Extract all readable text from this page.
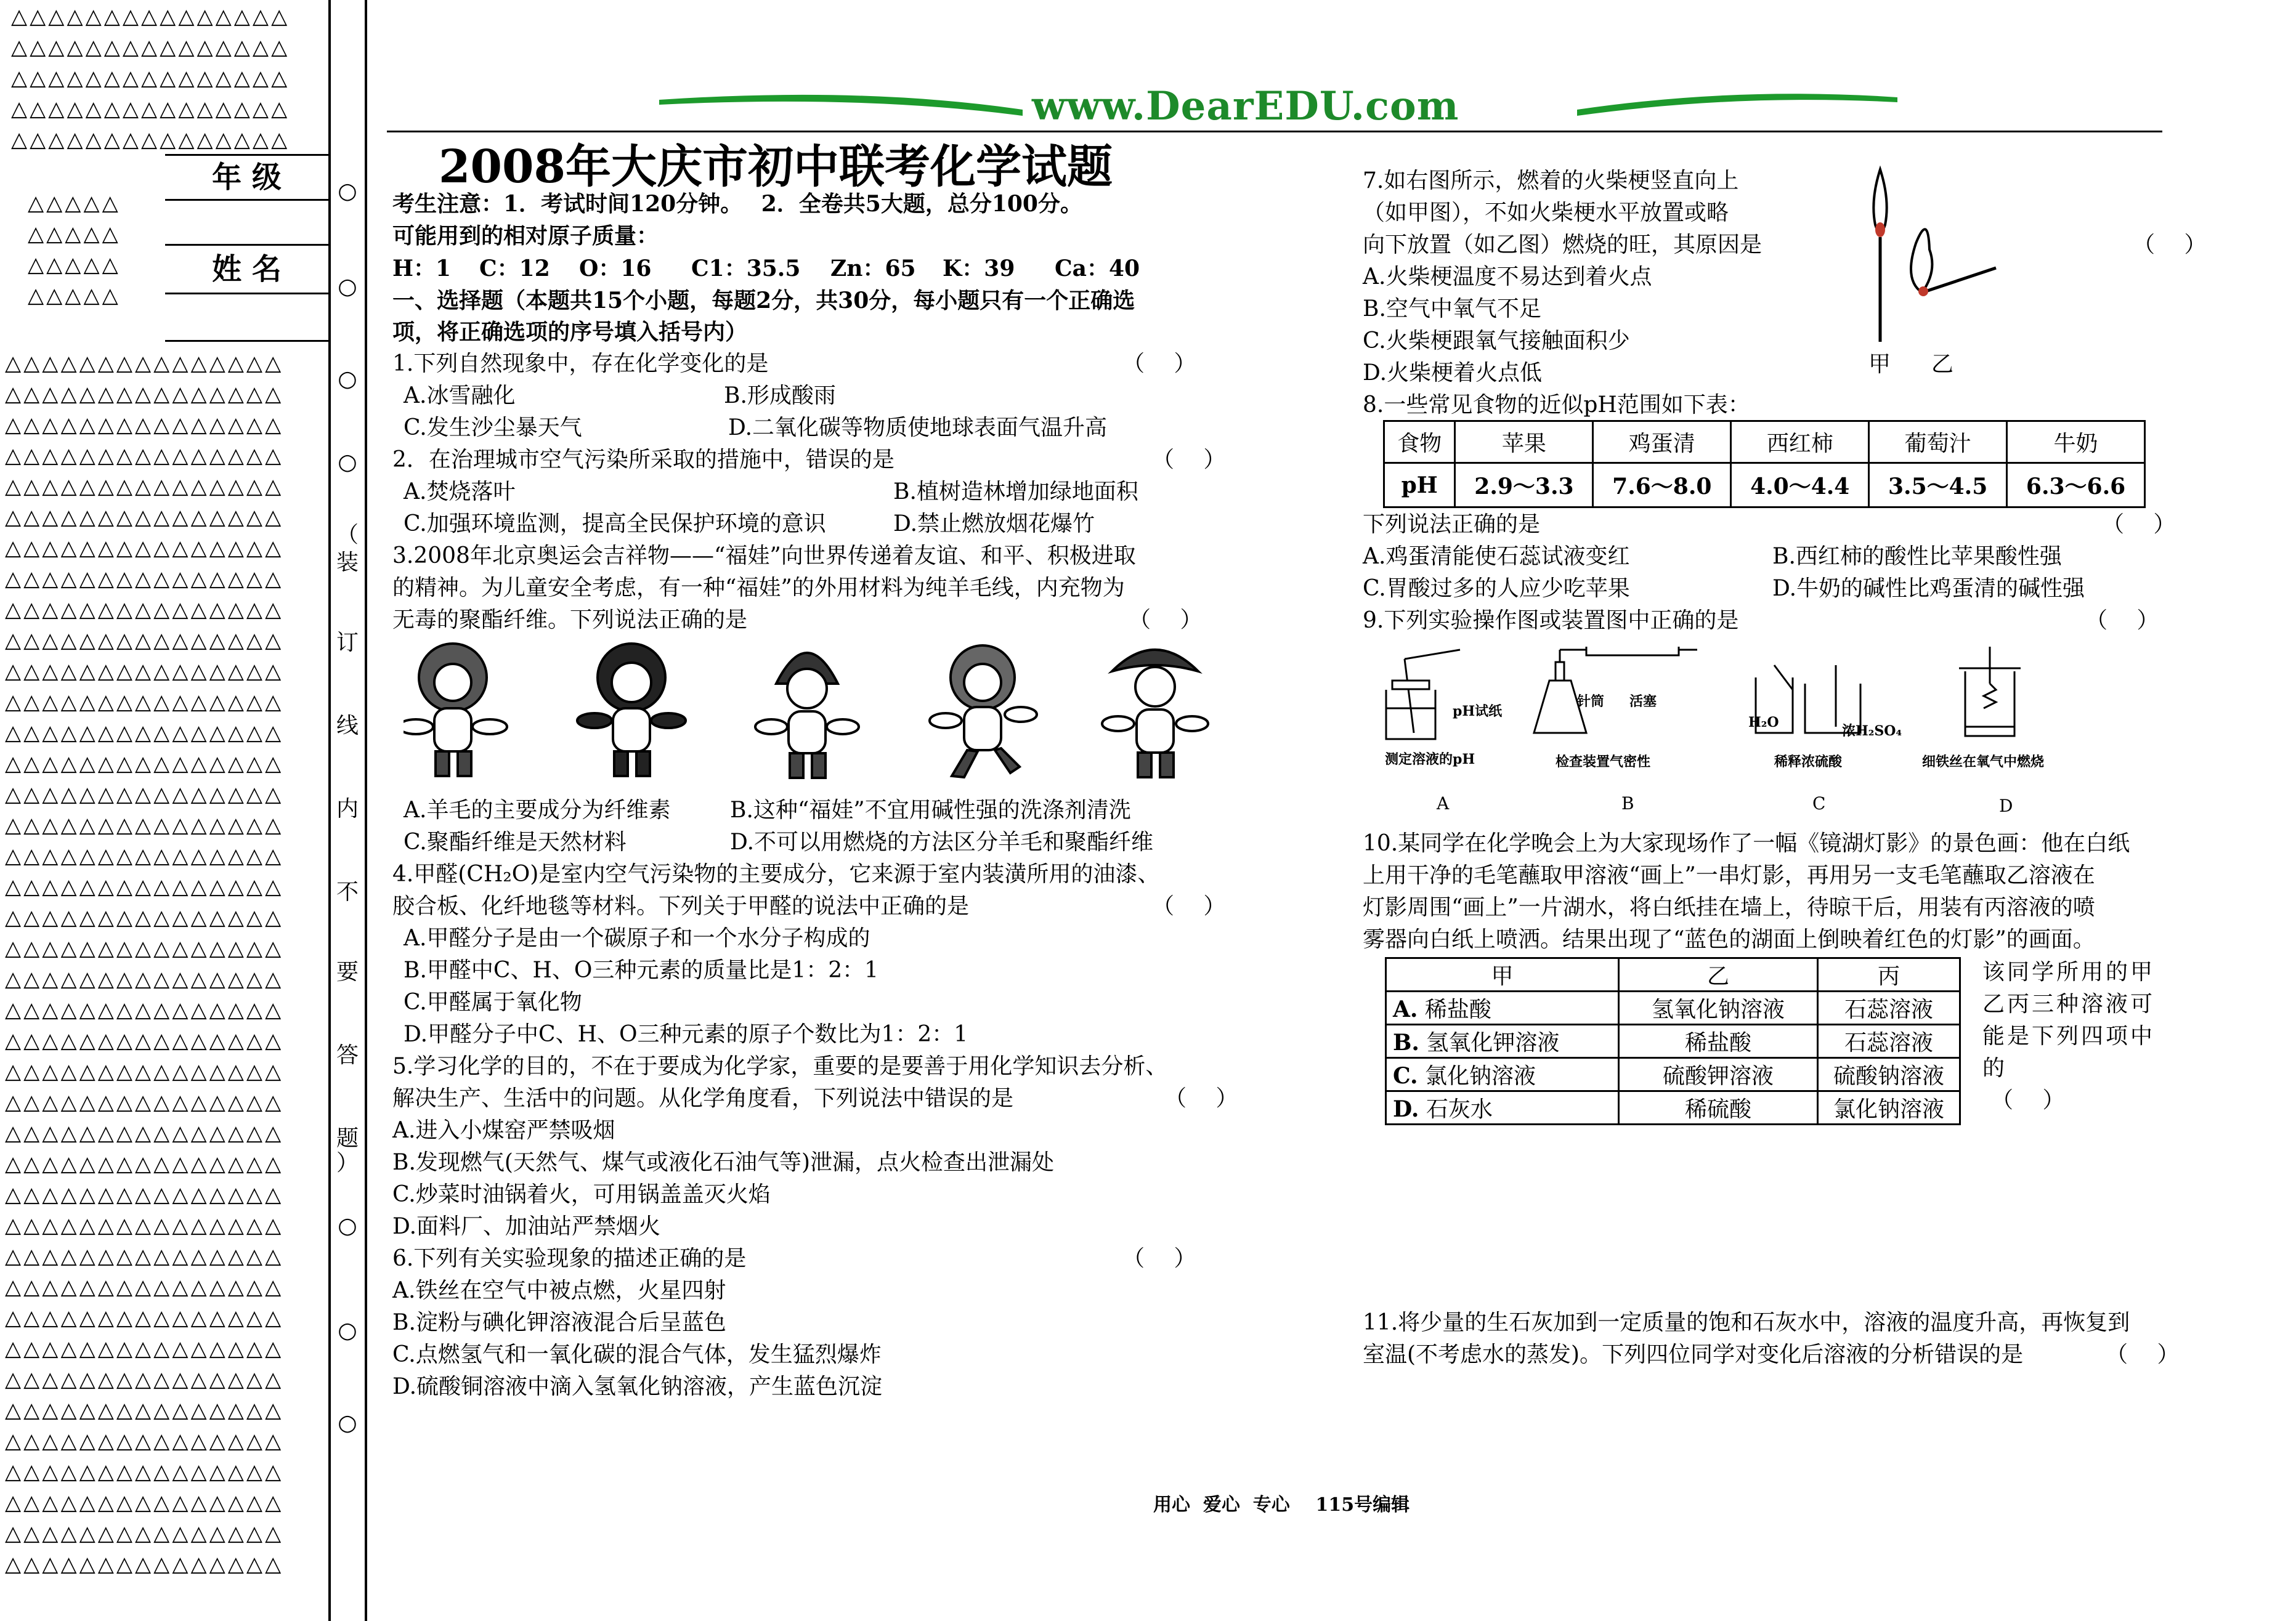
△△△△△△△△△△△△△△△
△△△△△△△△△△△△△△△
△△△△△△△△△△△△△△△
△△△△△△△△△△△△△△△
△△△△△△△△△△△△△△△
△△△△△
△△△△△
△△△△△
△△△△△
年 级
姓 名
△△△△△△△△△△△△△△△
△△△△△△△△△△△△△△△
△△△△△△△△△△△△△△△
△△△△△△△△△△△△△△△
△△△△△△△△△△△△△△△
△△△△△△△△△△△△△△△
△△△△△△△△△△△△△△△
△△△△△△△△△△△△△△△
△△△△△△△△△△△△△△△
△△△△△△△△△△△△△△△
△△△△△△△△△△△△△△△
△△△△△△△△△△△△△△△
△△△△△△△△△△△△△△△
△△△△△△△△△△△△△△△
△△△△△△△△△△△△△△△
△△△△△△△△△△△△△△△
△△△△△△△△△△△△△△△
△△△△△△△△△△△△△△△
△△△△△△△△△△△△△△△
△△△△△△△△△△△△△△△
△△△△△△△△△△△△△△△
△△△△△△△△△△△△△△△
△△△△△△△△△△△△△△△
△△△△△△△△△△△△△△△
△△△△△△△△△△△△△△△
△△△△△△△△△△△△△△△
△△△△△△△△△△△△△△△
△△△△△△△△△△△△△△△
△△△△△△△△△△△△△△△
△△△△△△△△△△△△△△△
△△△△△△△△△△△△△△△
△△△△△△△△△△△△△△△
△△△△△△△△△△△△△△△
△△△△△△△△△△△△△△△
△△△△△△△△△△△△△△△
△△△△△△△△△△△△△△△
△△△△△△△△△△△△△△△
△△△△△△△△△△△△△△△
△△△△△△△△△△△△△△△
△△△△△△△△△△△△△△△
○
○
○
○
（
装
订
线
内
不
要
答
题
）
○
○
○
www.DearEDU.com
2008年大庆市初中联考化学试题
考生注意：1．考试时间120分钟。　 2．全卷共5大题，总分100分。
可能用到的相对原子质量：
H：1 C：12 O：16 C1：35.5 Zn：65 K：39 Ca：40
一、选择题（本题共15个小题，每题2分，共30分，每小题只有一个正确选
项，将正确选项的序号填入括号内）
1.下列自然现象中，存在化学变化的是	（　 ）
A.冰雪融化	B.形成酸雨
C.发生沙尘暴天气	D.二氧化碳等物质使地球表面气温升高
2．在治理城市空气污染所采取的措施中，错误的是	（　 ）
A.焚烧落叶	B.植树造林增加绿地面积
C.加强环境监测，提高全民保护环境的意识	D.禁止燃放烟花爆竹
3.2008年北京奥运会吉祥物——“福娃”向世界传递着友谊、和平、积极进取
的精神。为儿童安全考虑，有一种“福娃”的外用材料为纯羊毛线，内充物为
无毒的聚酯纤维。下列说法正确的是	（　 ）
A.羊毛的主要成分为纤维素	B.这种“福娃”不宜用碱性强的洗涤剂清洗
C.聚酯纤维是天然材料	D.不可以用燃烧的方法区分羊毛和聚酯纤维
4.甲醛(CH₂O)是室内空气污染物的主要成分，它来源于室内装潢所用的油漆、
胶合板、化纤地毯等材料。下列关于甲醛的说法中正确的是	（　 ）
A.甲醛分子是由一个碳原子和一个水分子构成的
B.甲醛中C、H、O三种元素的质量比是1：2：1
C.甲醛属于氧化物
D.甲醛分子中C、H、O三种元素的原子个数比为1：2：1
5.学习化学的目的，不在于要成为化学家，重要的是要善于用化学知识去分析、
解决生产、生活中的问题。从化学角度看，下列说法中错误的是	（　 ）
A.进入小煤窑严禁吸烟
B.发现燃气(天然气、煤气或液化石油气等)泄漏，点火检查出泄漏处
C.炒菜时油锅着火，可用锅盖盖灭火焰
D.面料厂、加油站严禁烟火
6.下列有关实验现象的描述正确的是	（　 ）
A.铁丝在空气中被点燃，火星四射
B.淀粉与碘化钾溶液混合后呈蓝色
C.点燃氢气和一氧化碳的混合气体，发生猛烈爆炸
D.硫酸铜溶液中滴入氢氧化钠溶液，产生蓝色沉淀
7.如右图所示，燃着的火柴梗竖直向上
（如甲图），不如火柴梗水平放置或略
向下放置（如乙图）燃烧的旺，其原因是	（　 ）
A.火柴梗温度不易达到着火点
B.空气中氧气不足
C.火柴梗跟氧气接触面积少
D.火柴梗着火点低	甲 乙
8.一些常见食物的近似pH范围如下表：
食物	苹果	鸡蛋清	西红柿	葡萄汁	牛奶
pH	2.9～3.3	7.6～8.0	4.0～4.4	3.5～4.5	6.3～6.6
下列说法正确的是	（　 ）
A.鸡蛋清能使石蕊试液变红	B.西红柿的酸性比苹果酸性强
C.胃酸过多的人应少吃苹果	D.牛奶的碱性比鸡蛋清的碱性强
9.下列实验操作图或装置图中正确的是	（　 ）
pH试纸
针筒 活塞
H₂O
浓H₂SO₄
测定溶液的pH	检查装置气密性	稀释浓硫酸	细铁丝在氧气中燃烧
A	B	C	D
10.某同学在化学晚会上为大家现场作了一幅《镜湖灯影》的景色画：他在白纸
上用干净的毛笔蘸取甲溶液“画上”一串灯影，再用另一支毛笔蘸取乙溶液在
灯影周围“画上”一片湖水，将白纸挂在墙上，待晾干后，用装有丙溶液的喷
雾器向白纸上喷洒。结果出现了“蓝色的湖面上倒映着红色的灯影”的画面。
甲	乙	丙
A. 稀盐酸	氢氧化钠溶液	石蕊溶液
B. 氢氧化钾溶液	稀盐酸	石蕊溶液
C. 氯化钠溶液	硫酸钾溶液	硫酸钠溶液
D. 石灰水	稀硫酸	氯化钠溶液
该同学所用的甲
乙丙三种溶液可
能是下列四项中
的
（　 ）
11.将少量的生石灰加到一定质量的饱和石灰水中，溶液的温度升高，再恢复到
室温(不考虑水的蒸发)。下列四位同学对变化后溶液的分析错误的是	（　 ）
用心  爱心  专心    115号编辑
